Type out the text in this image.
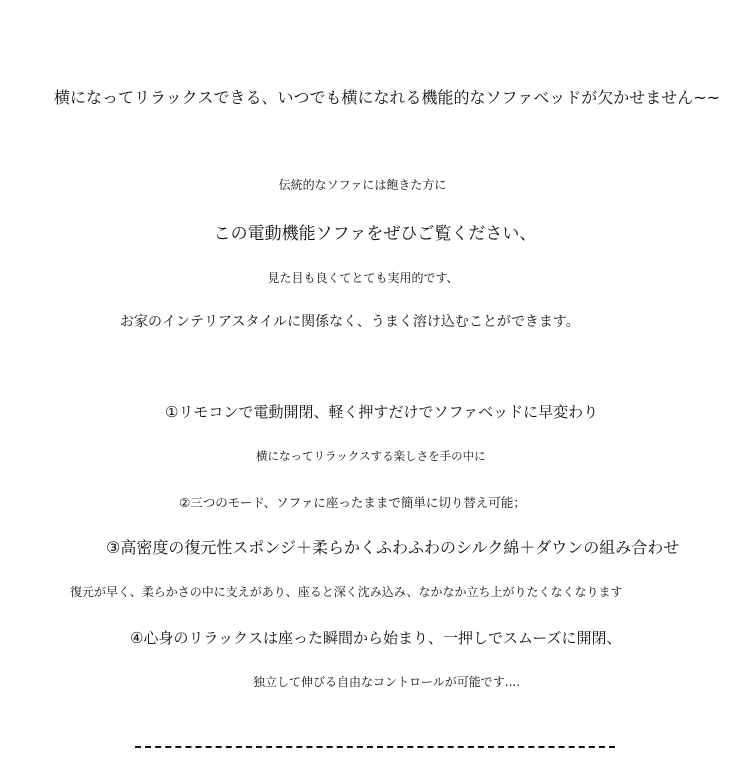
横になってリラックスできる、いつでも横になれる機能的なソファベッドが欠かせません~~
伝統的なソファには飽きた方に
この電動機能ソファをぜひご覧ください、
見た目も良くてとても実用的です、
お家のインテリアスタイルに関係なく、うまく溶け込むことができます。
①リモコンで電動開閉、軽く押すだけでソファベッドに早変わり
横になってリラックスする楽しさを手の中に
②三つのモード、ソファに座ったままで簡単に切り替え可能；
③高密度の復元性スポンジ＋柔らかくふわふわのシルク綿＋ダウンの組み合わせ
復元が早く、柔らかさの中に支えがあり、座ると深く沈み込み、なかなか立ち上がりたくなくなります
④心身のリラックスは座った瞬間から始まり、一押しでスムーズに開閉、
独立して伸びる自由なコントロールが可能です....
